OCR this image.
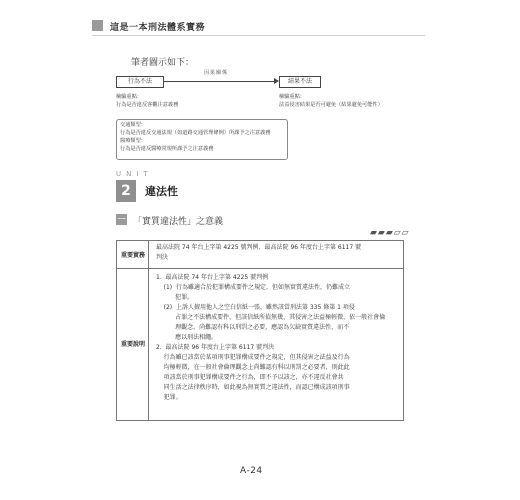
這是一本刑法體系實務
筆者圖示如下：
因果關係
行為不法	結果不法
檢驗重點：
行為是否違反客觀注意義務
檢驗重點：
法益侵害結果是否可避免（結果避免可能性）
交通類型：
行為是否違反交通法規（如道路交通管理條例）所課予之注意義務
醫療類型：
行為是否違反醫療常規所課予之注意義務
UNIT
2	違法性
一 「實質違法性」之意義
▰▰▰▱▱
重要實務
最高法院 74 年台上字第 4225 號判例、最高法院 96 年度台上字第 6117 號
判決
重要說明
1.  最高法院 74 年台上字第 4225 號判例
(1)  行為雖適合於犯罪構成要件之規定，但如無實質違法性，仍難成立
犯罪。
(2)  上訴人擅用他人之空白信紙一張，雖然該當刑法第 335 條第 1 項侵
占罪之不法構成要件，但該信紙所值無幾，其侵害之法益極輕微，依一般社會倫
理觀念，尚難認有科以刑罰之必要，應認為欠缺實質違法性，而不
應以刑法相繩。
2.  最高法院 96 年度台上字第 6117 號判決
行為雖已該當於某項刑事犯罪構成要件之規定，但其侵害之法益及行為
均極輕微，在一般社會倫理觀念上尚難認有科以刑罰之必要者，則此此
項該當於刑事犯罪構成要件之行為，即不予以該之，亦不違反社會共
同生活之法律秩序時，如此視為無實質之違法性，而認已構成該項刑事
犯罪。
A-24
